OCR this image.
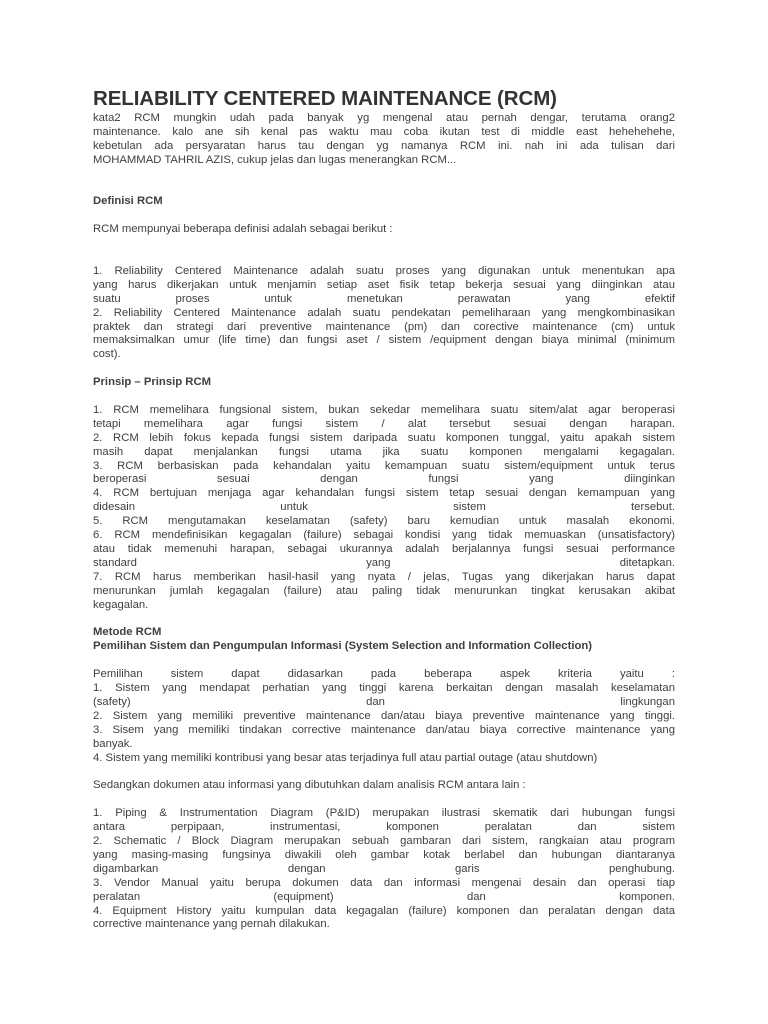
RELIABILITY CENTERED MAINTENANCE (RCM)
kata2 RCM mungkin udah pada banyak yg mengenal atau pernah dengar, terutama orang2
maintenance. kalo ane sih kenal pas waktu mau coba ikutan test di middle east hehehehehe,
kebetulan ada persyaratan harus tau dengan yg namanya RCM ini. nah ini ada tulisan dari
MOHAMMAD TAHRIL AZIS, cukup jelas dan lugas menerangkan RCM...
Definisi RCM
RCM mempunyai beberapa definisi adalah sebagai berikut :
1. Reliability Centered Maintenance adalah suatu proses yang digunakan untuk menentukan apa
yang harus dikerjakan untuk menjamin setiap aset fisik tetap bekerja sesuai yang diinginkan atau
suatu proses untuk menetukan perawatan yang efektif
2. Reliability Centered Maintenance adalah suatu pendekatan pemeliharaan yang mengkombinasikan
praktek dan strategi dari preventive maintenance (pm) dan corective maintenance (cm) untuk
memaksimalkan umur (life time) dan fungsi aset / sistem /equipment dengan biaya minimal (minimum
cost).
Prinsip – Prinsip RCM
1. RCM memelihara fungsional sistem, bukan sekedar memelihara suatu sitem/alat agar beroperasi
tetapi memelihara agar fungsi sistem / alat tersebut sesuai dengan harapan.
2. RCM lebih fokus kepada fungsi sistem daripada suatu komponen tunggal, yaitu apakah sistem
masih dapat menjalankan fungsi utama jika suatu komponen mengalami kegagalan.
3. RCM berbasiskan pada kehandalan yaitu kemampuan suatu sistem/equipment untuk terus
beroperasi sesuai dengan fungsi yang diinginkan
4. RCM bertujuan menjaga agar kehandalan fungsi sistem tetap sesuai dengan kemampuan yang
didesain untuk sistem tersebut.
5. RCM mengutamakan keselamatan (safety) baru kemudian untuk masalah ekonomi.
6. RCM mendefinisikan kegagalan (failure) sebagai kondisi yang tidak memuaskan (unsatisfactory)
atau tidak memenuhi harapan, sebagai ukurannya adalah berjalannya fungsi sesuai performance
standard yang ditetapkan.
7. RCM harus memberikan hasil-hasil yang nyata / jelas, Tugas yang dikerjakan harus dapat
menurunkan jumlah kegagalan (failure) atau paling tidak menurunkan tingkat kerusakan akibat
kegagalan.
Metode RCM
Pemilihan Sistem dan Pengumpulan Informasi (System Selection and Information Collection)
Pemilihan sistem dapat didasarkan pada beberapa aspek kriteria yaitu :
1. Sistem yang mendapat perhatian yang tinggi karena berkaitan dengan masalah keselamatan
(safety) dan lingkungan
2. Sistem yang memiliki preventive maintenance dan/atau biaya preventive maintenance yang tinggi.
3. Sisem yang memiliki tindakan corrective maintenance dan/atau biaya corrective maintenance yang
banyak.
4. Sistem yang memiliki kontribusi yang besar atas terjadinya full atau partial outage (atau shutdown)
Sedangkan dokumen atau informasi yang dibutuhkan dalam analisis RCM antara lain :
1. Piping & Instrumentation Diagram (P&ID) merupakan ilustrasi skematik dari hubungan fungsi
antara perpipaan, instrumentasi, komponen peralatan dan sistem
2. Schematic / Block Diagram merupakan sebuah gambaran dari sistem, rangkaian atau program
yang masing-masing fungsinya diwakili oleh gambar kotak berlabel dan hubungan diantaranya
digambarkan dengan garis penghubung.
3. Vendor Manual yaitu berupa dokumen data dan informasi mengenai desain dan operasi tiap
peralatan (equipment) dan komponen.
4. Equipment History yaitu kumpulan data kegagalan (failure) komponen dan peralatan dengan data
corrective maintenance yang pernah dilakukan.
